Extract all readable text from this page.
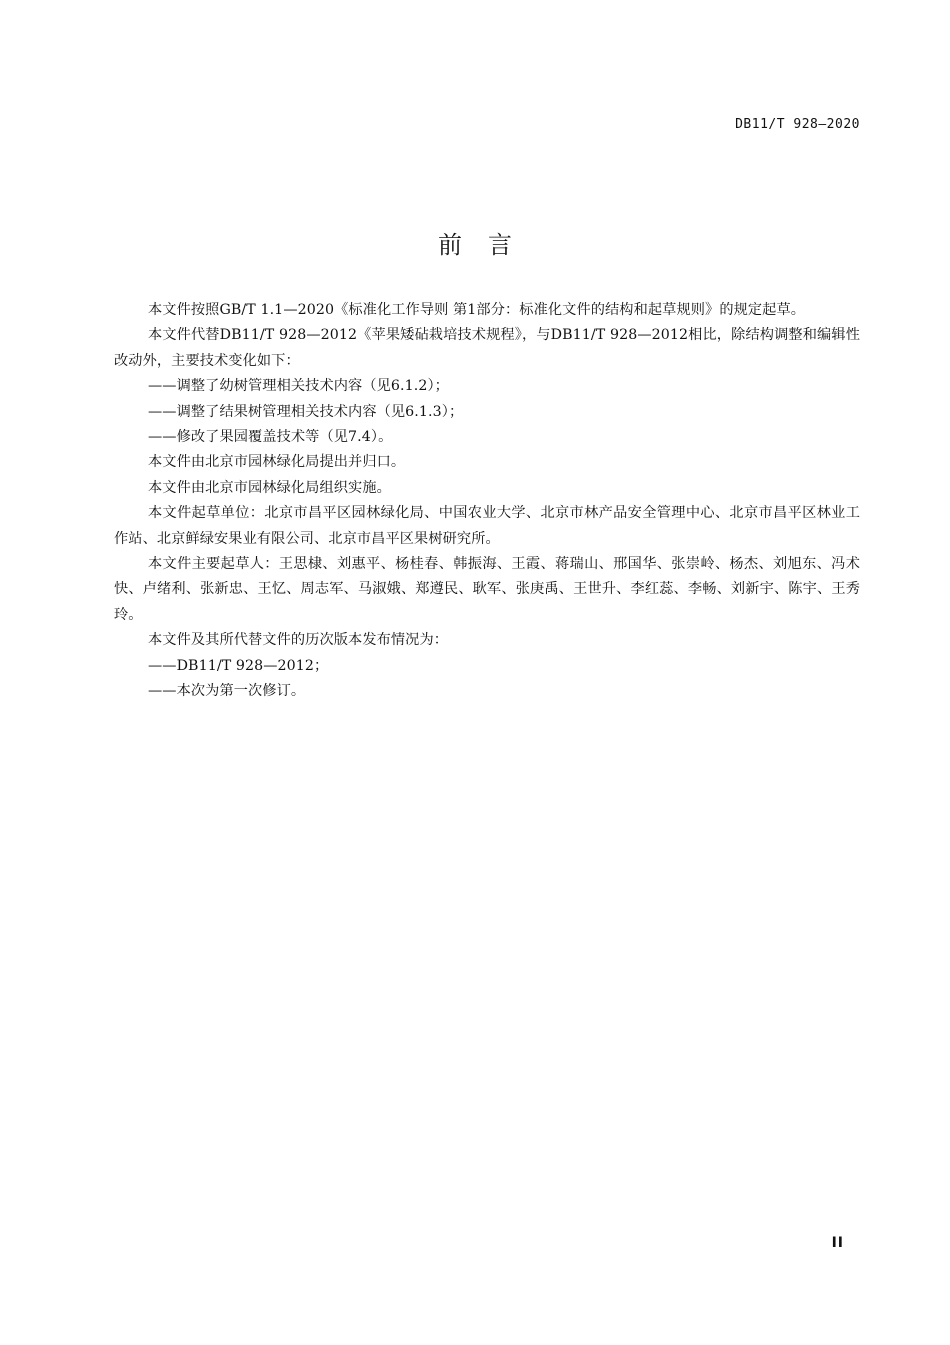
DB11/T 928—2020
前言

本文件按照GB/T 1.1—2020《标准化工作导则 第1部分：标准化文件的结构和起草规则》的规定起草。

本文件代替DB11/T 928—2012《苹果矮砧栽培技术规程》，与DB11/T 928—2012相比，除结构调整和编辑性改动外，主要技术变化如下：

——调整了幼树管理相关技术内容（见6.1.2）；

——调整了结果树管理相关技术内容（见6.1.3）；

——修改了果园覆盖技术等（见7.4）。

本文件由北京市园林绿化局提出并归口。

本文件由北京市园林绿化局组织实施。

本文件起草单位：北京市昌平区园林绿化局、中国农业大学、北京市林产品安全管理中心、北京市昌平区林业工作站、北京鲜绿安果业有限公司、北京市昌平区果树研究所。

本文件主要起草人：王思棣、刘惠平、杨桂春、韩振海、王霞、蒋瑞山、邢国华、张崇岭、杨杰、刘旭东、冯术快、卢绪利、张新忠、王忆、周志军、马淑娥、郑遵民、耿军、张庚禹、王世升、李红蕊、李畅、刘新宇、陈宇、王秀玲。

本文件及其所代替文件的历次版本发布情况为：

——DB11/T 928—2012；

——本次为第一次修订。

II
